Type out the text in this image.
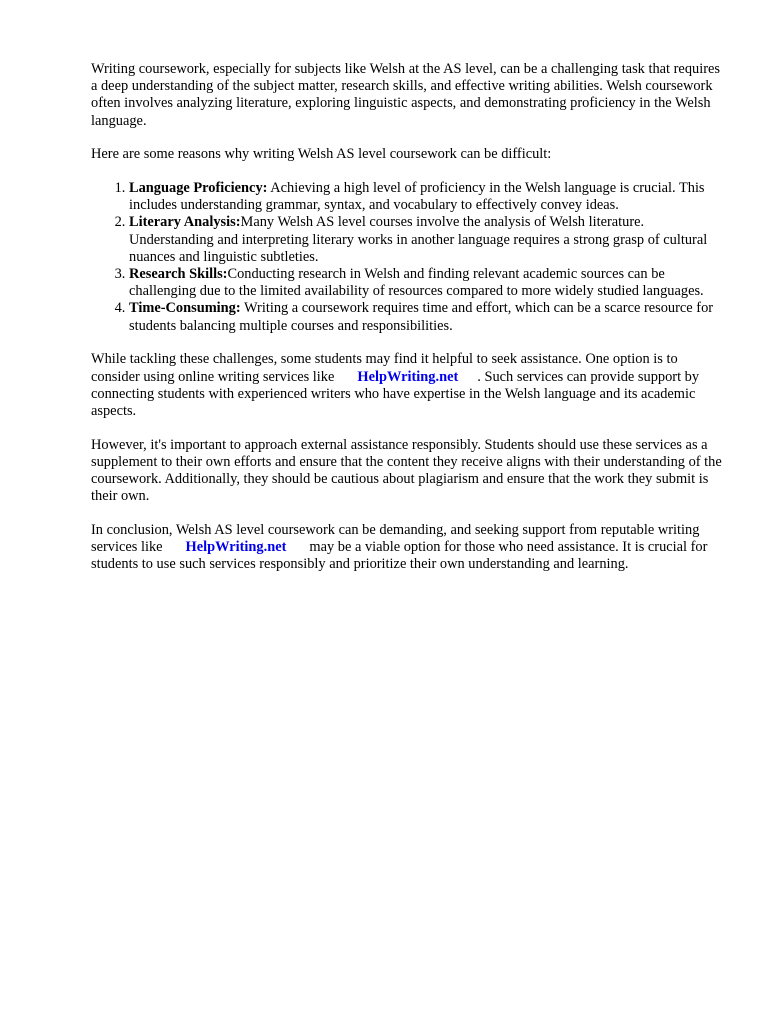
Writing coursework, especially for subjects like Welsh at the AS level, can be a challenging task that requires a deep understanding of the subject matter, research skills, and effective writing abilities. Welsh coursework often involves analyzing literature, exploring linguistic aspects, and demonstrating proficiency in the Welsh language.

Here are some reasons why writing Welsh AS level coursework can be difficult:

1. Language Proficiency: Achieving a high level of proficiency in the Welsh language is crucial. This includes understanding grammar, syntax, and vocabulary to effectively convey ideas.
2. Literary Analysis:Many Welsh AS level courses involve the analysis of Welsh literature. Understanding and interpreting literary works in another language requires a strong grasp of cultural nuances and linguistic subtleties.
3. Research Skills:Conducting research in Welsh and finding relevant academic sources can be challenging due to the limited availability of resources compared to more widely studied languages.
4. Time-Consuming: Writing a coursework requires time and effort, which can be a scarce resource for students balancing multiple courses and responsibilities.

While tackling these challenges, some students may find it helpful to seek assistance. One option is to consider using online writing services like HelpWriting.net . Such services can provide support by connecting students with experienced writers who have expertise in the Welsh language and its academic aspects.

However, it's important to approach external assistance responsibly. Students should use these services as a supplement to their own efforts and ensure that the content they receive aligns with their understanding of the coursework. Additionally, they should be cautious about plagiarism and ensure that the work they submit is their own.

In conclusion, Welsh AS level coursework can be demanding, and seeking support from reputable writing services like HelpWriting.net may be a viable option for those who need assistance. It is crucial for students to use such services responsibly and prioritize their own understanding and learning.
